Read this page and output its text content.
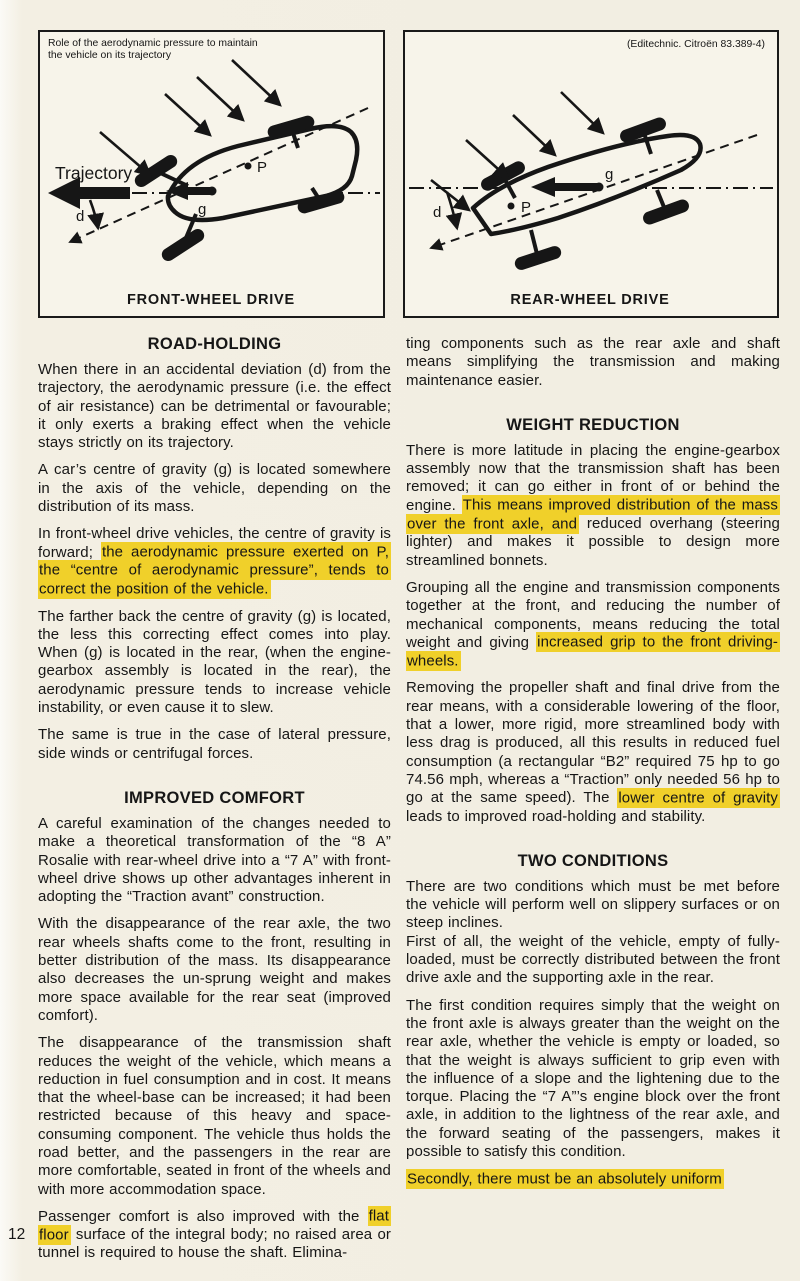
Role of the aerodynamic pressure to maintain
the vehicle on its trajectory
Trajectory	P
g
d
FRONT-WHEEL DRIVE
(Editechnic. Citroën 83.389-4)
P
g
d
REAR-WHEEL DRIVE
ROAD-HOLDING

When there in an accidental deviation (d) from the trajectory, the aerodynamic pressure (i.e. the effect of air resistance) can be detrimental or favourable; it only exerts a braking effect when the vehicle stays strictly on its trajectory.

A car’s centre of gravity (g) is located somewhere in the axis of the vehicle, depending on the distribution of its mass.

In front-wheel drive vehicles, the centre of gravity is forward; the aerodynamic pressure exerted on P, the “centre of aerodynamic pressure”, tends to correct the position of the vehicle.

The farther back the centre of gravity (g) is located, the less this correcting effect comes into play. When (g) is located in the rear, (when the engine-gearbox assembly is located in the rear), the aerodynamic pressure tends to increase vehicle instability, or even cause it to slew.

The same is true in the case of lateral pressure, side winds or centrifugal forces.

IMPROVED COMFORT

A careful examination of the changes needed to make a theoretical transformation of the “8 A” Rosalie with rear-wheel drive into a “7 A” with front-wheel drive shows up other advantages inherent in adopting the “Traction avant” construction.

With the disappearance of the rear axle, the two rear wheels shafts come to the front, resulting in better distribution of the mass. Its disappearance also decreases the un-sprung weight and makes more space available for the rear seat (improved comfort).

The disappearance of the transmission shaft reduces the weight of the vehicle, which means a reduction in fuel consumption and in cost. It means that the wheel-base can be increased; it had been restricted because of this heavy and space-consuming component. The vehicle thus holds the road better, and the passengers in the rear are more comfortable, seated in front of the wheels and with more accommodation space.

Passenger comfort is also improved with the flat floor surface of the integral body; no raised area or tunnel is required to house the shaft. Elimina-

ting components such as the rear axle and shaft means simplifying the transmission and making maintenance easier.

WEIGHT REDUCTION

There is more latitude in placing the engine-gearbox assembly now that the transmission shaft has been removed; it can go either in front of or behind the engine. This means improved distribution of the mass over the front axle, and reduced overhang (steering lighter) and makes it possible to design more streamlined bonnets.

Grouping all the engine and transmission components together at the front, and reducing the number of mechanical components, means reducing the total weight and giving increased grip to the front driving-wheels.

Removing the propeller shaft and final drive from the rear means, with a considerable lowering of the floor, that a lower, more rigid, more streamlined body with less drag is produced, all this results in reduced fuel consumption (a rectangular “B2” required 75 hp to go 74.56 mph, whereas a “Traction” only needed 56 hp to go at the same speed). The lower centre of gravity leads to improved road-holding and stability.

TWO CONDITIONS

There are two conditions which must be met before the vehicle will perform well on slippery surfaces or on steep inclines.

First of all, the weight of the vehicle, empty of fully-loaded, must be correctly distributed between the front drive axle and the supporting axle in the rear.

The first condition requires simply that the weight on the front axle is always greater than the weight on the rear axle, whether the vehicle is empty or loaded, so that the weight is always sufficient to grip even with the influence of a slope and the lightening due to the torque. Placing the “7 A”’s engine block over the front axle, in addition to the lightness of the rear axle, and the forward seating of the passengers, makes it possible to satisfy this condition.

Secondly, there must be an absolutely uniform

12
